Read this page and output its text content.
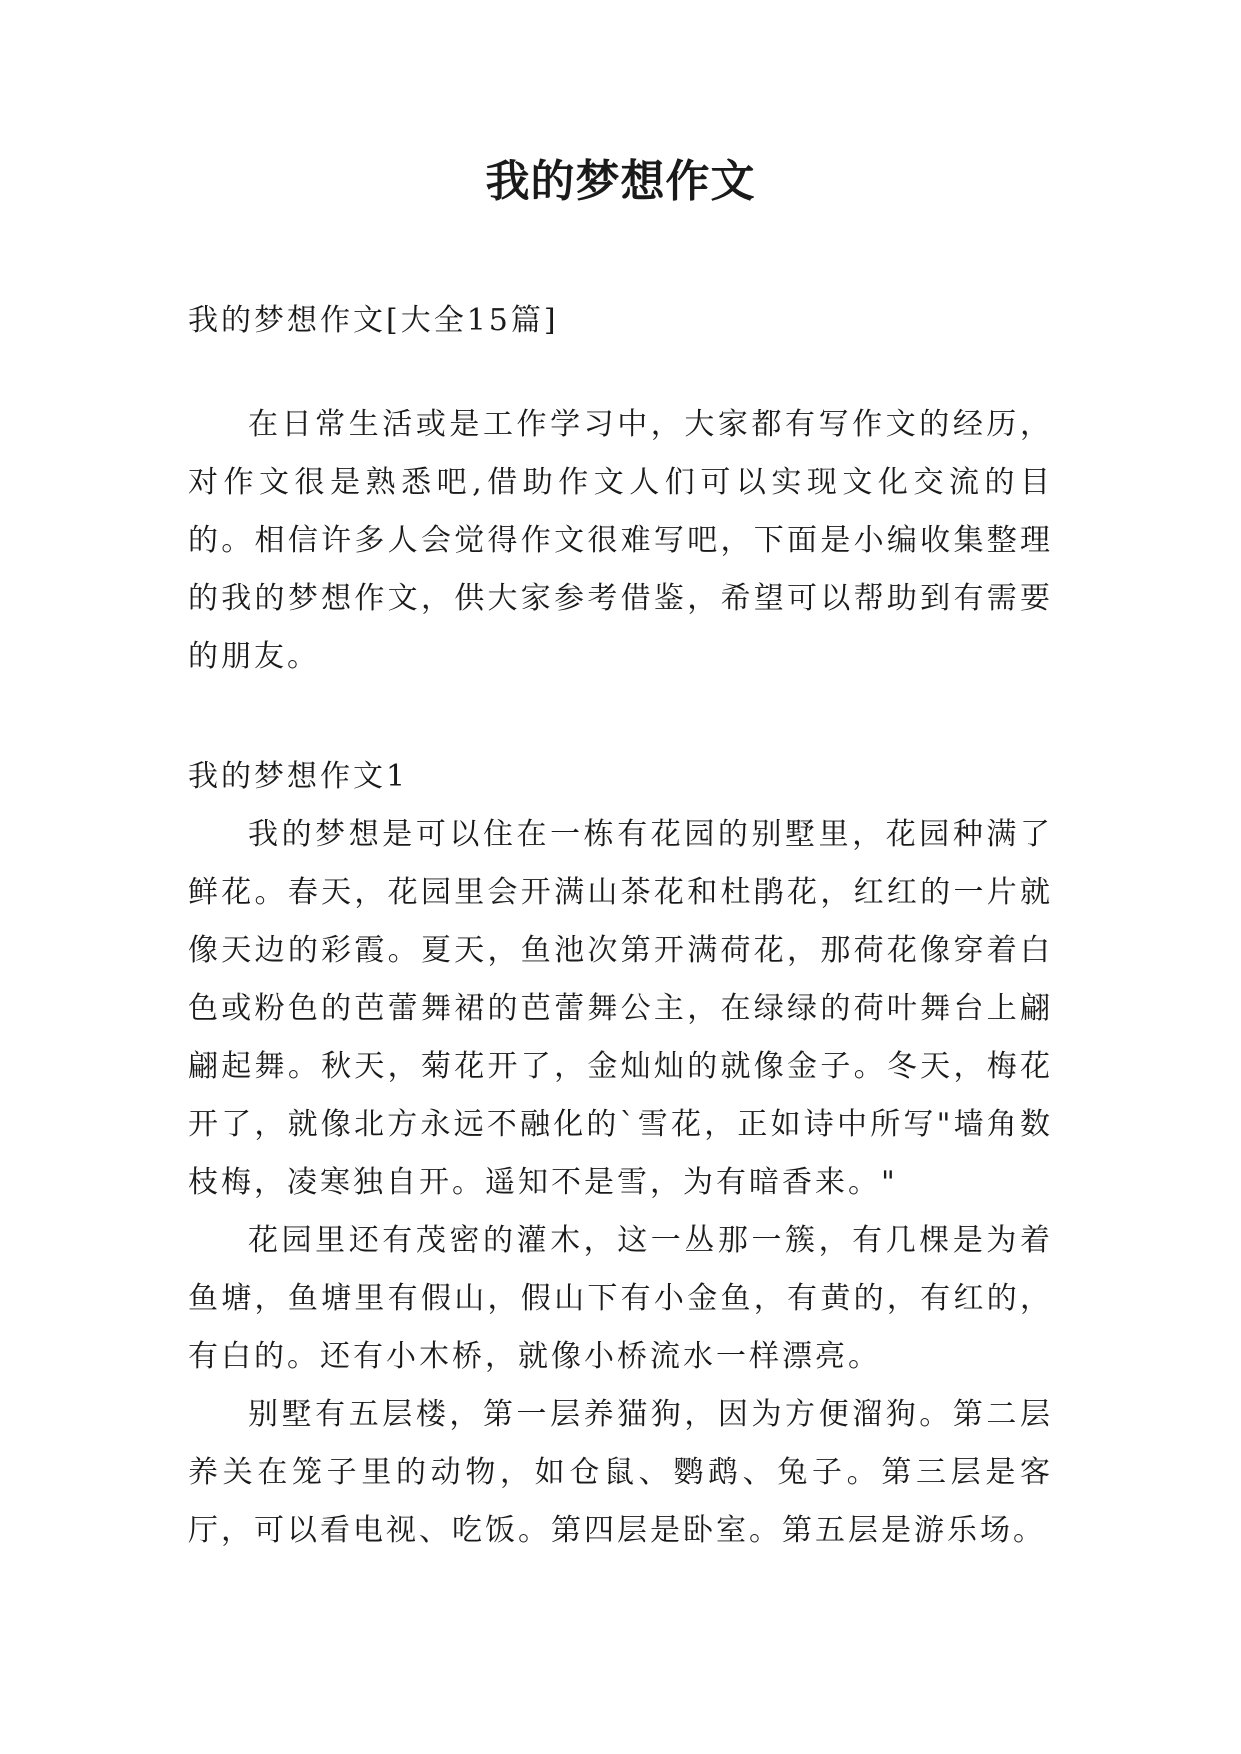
我的梦想作文

我的梦想作文[大全15篇]

在日常生活或是工作学习中，大家都有写作文的经历，对作文很是熟悉吧,借助作文人们可以实现文化交流的目的。相信许多人会觉得作文很难写吧，下面是小编收集整理的我的梦想作文，供大家参考借鉴，希望可以帮助到有需要的朋友。

我的梦想作文1

我的梦想是可以住在一栋有花园的别墅里，花园种满了鲜花。春天，花园里会开满山茶花和杜鹃花，红红的一片就像天边的彩霞。夏天，鱼池次第开满荷花，那荷花像穿着白色或粉色的芭蕾舞裙的芭蕾舞公主，在绿绿的荷叶舞台上翩翩起舞。秋天，菊花开了，金灿灿的就像金子。冬天，梅花开了，就像北方永远不融化的`雪花，正如诗中所写"墙角数枝梅，凌寒独自开。遥知不是雪，为有暗香来。"

花园里还有茂密的灌木，这一丛那一簇，有几棵是为着鱼塘，鱼塘里有假山，假山下有小金鱼，有黄的，有红的，有白的。还有小木桥，就像小桥流水一样漂亮。

别墅有五层楼，第一层养猫狗，因为方便溜狗。第二层养关在笼子里的动物，如仓鼠、鹦鹉、兔子。第三层是客厅，可以看电视、吃饭。第四层是卧室。第五层是游乐场。
